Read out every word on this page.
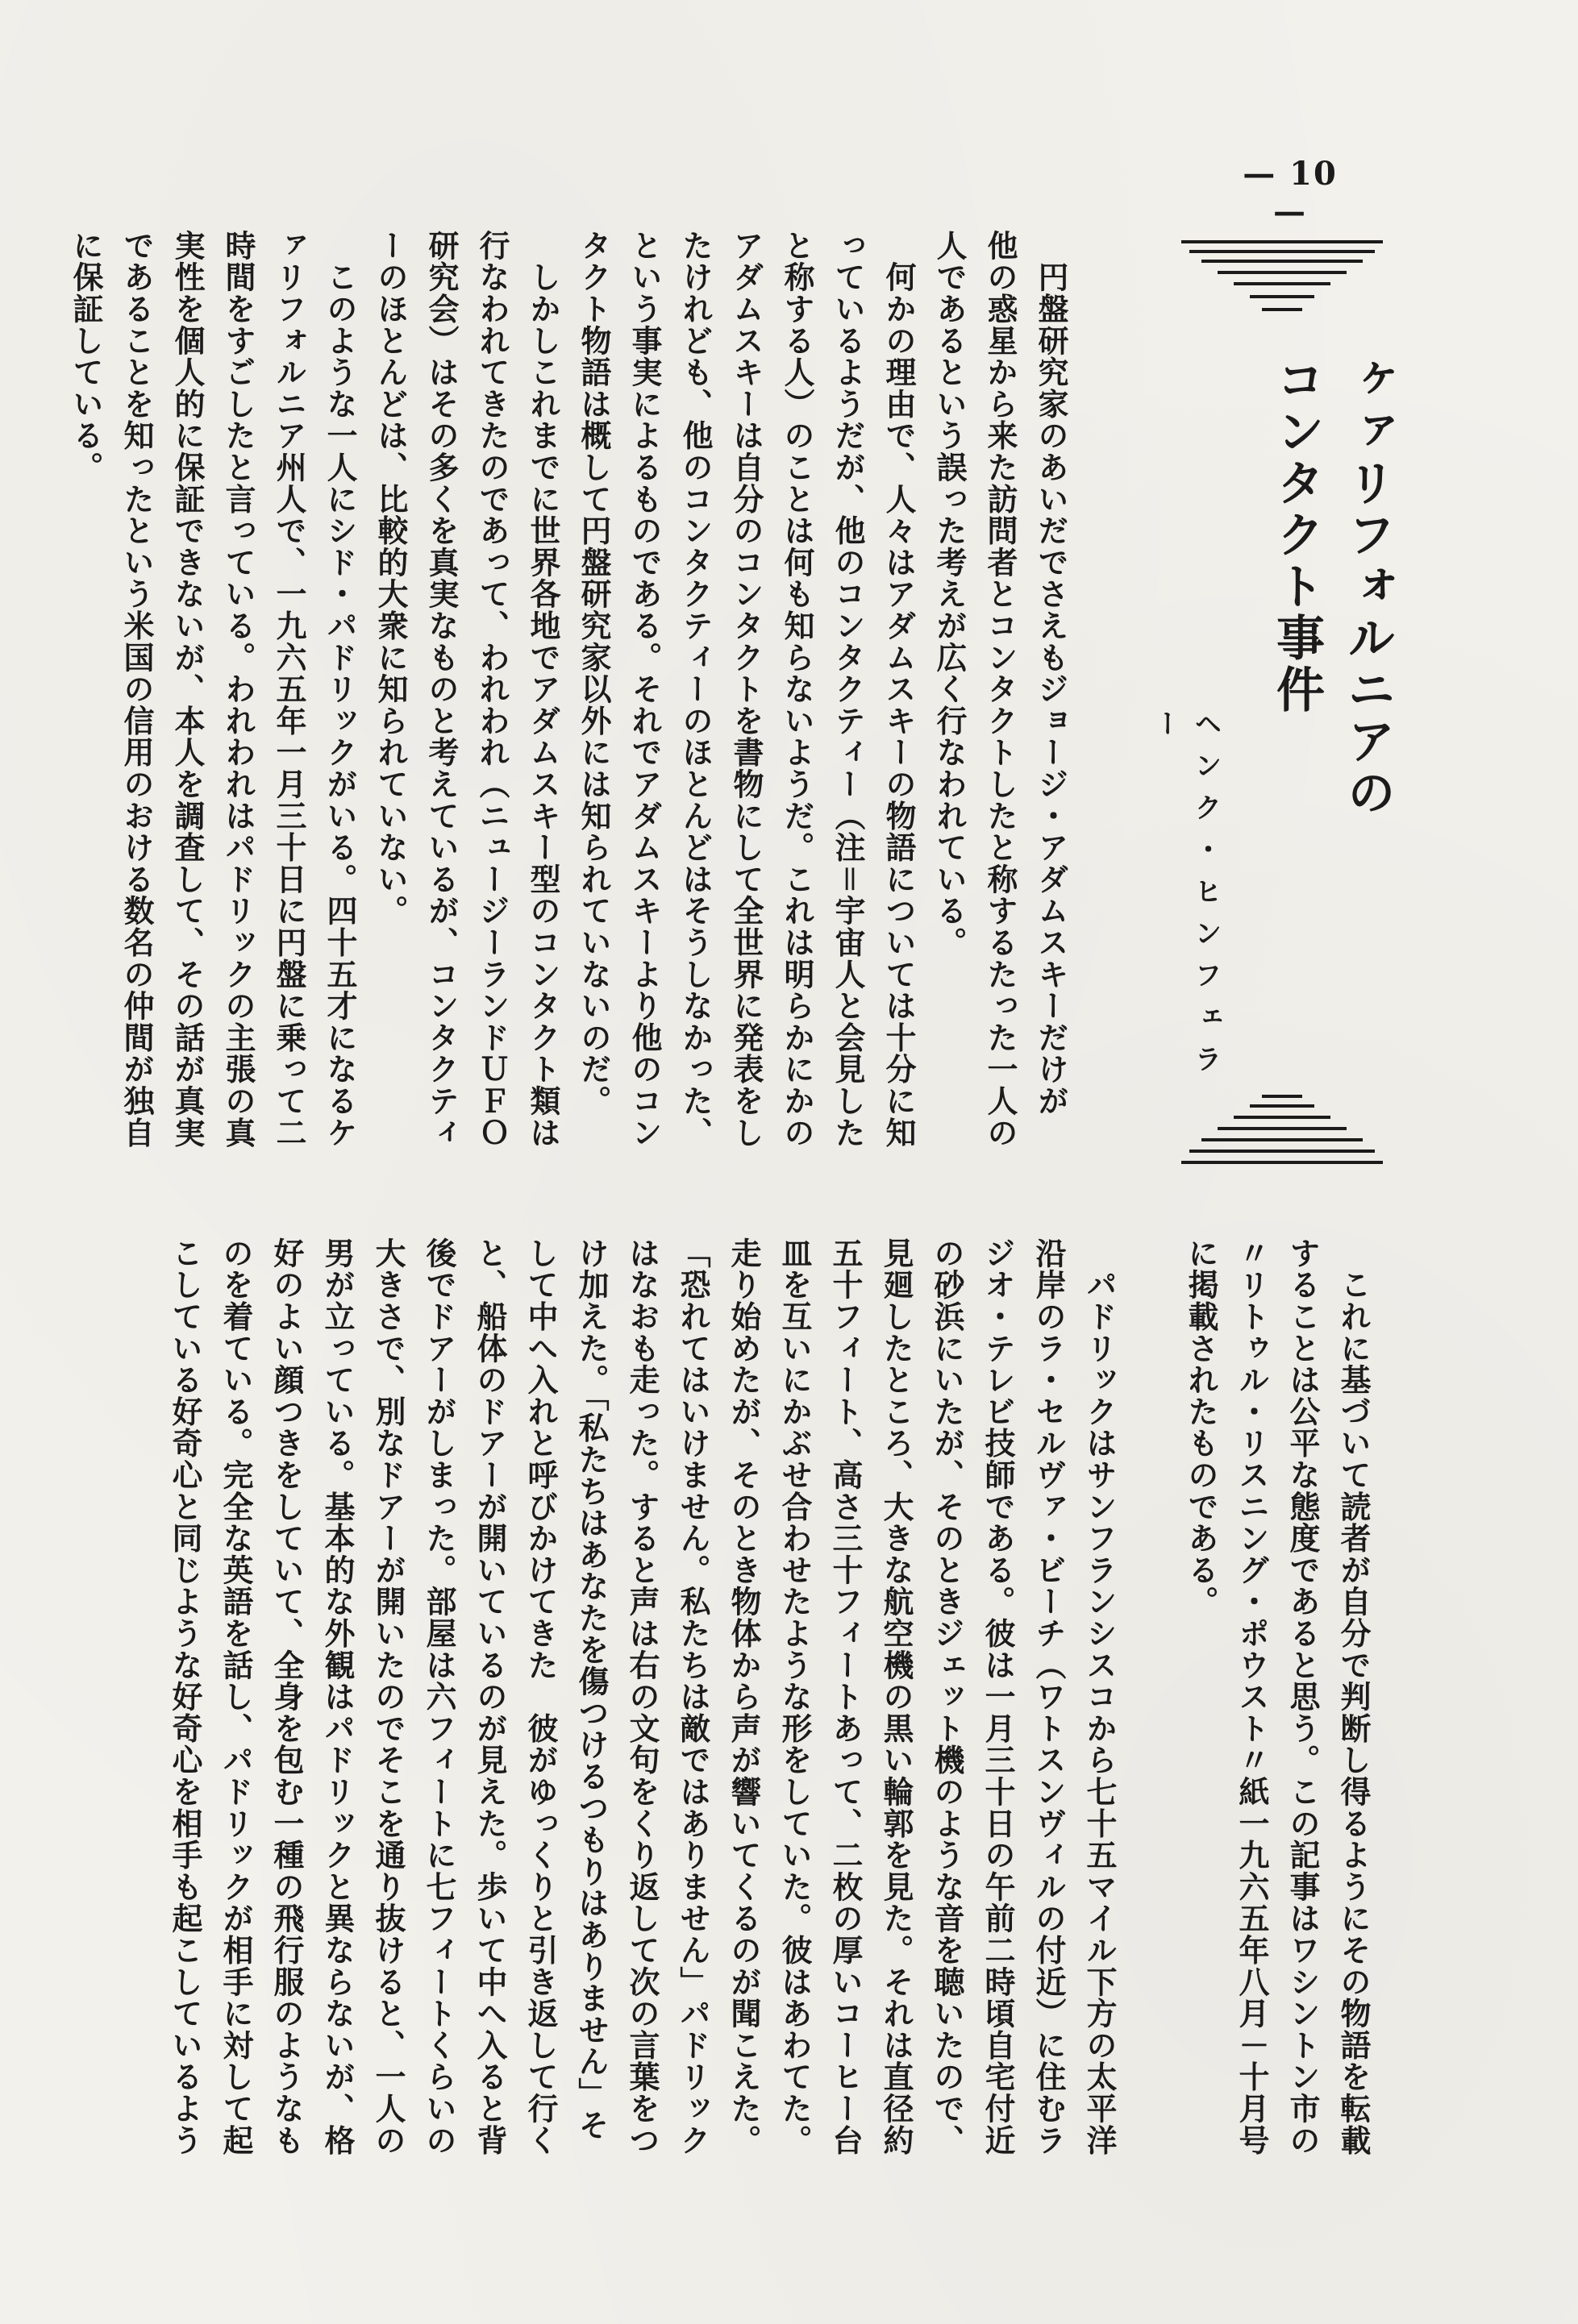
— 10 —
ヶァリフォルニアの
コンタクト事件
ヘンク・ヒンフェラー
　円盤研究家のあいだでさえもジョージ・アダムスキーだけが
他の惑星から来た訪問者とコンタクトしたと称するたった一人の
人であるという誤った考えが広く行なわれている。
　何かの理由で、人々はアダムスキーの物語については十分に知
っているようだが、他のコンタクティー（注＝宇宙人と会見した
と称する人）のことは何も知らないようだ。これは明らかにかの
アダムスキーは自分のコンタクトを書物にして全世界に発表をし
たけれども、他のコンタクティーのほとんどはそうしなかった、
という事実によるものである。それでアダムスキーより他のコン
タクト物語は概して円盤研究家以外には知られていないのだ。
　しかしこれまでに世界各地でアダムスキー型のコンタクト類は
行なわれてきたのであって、われわれ（ニュージーランドＵＦＯ
研究会）はその多くを真実なものと考えているが、コンタクティ
ーのほとんどは、比較的大衆に知られていない。
　このような一人にシド・パドリックがいる。四十五才になるケ
ァリフォルニア州人で、一九六五年一月三十日に円盤に乗って二
時間をすごしたと言っている。われわれはパドリックの主張の真
実性を個人的に保証できないが、本人を調査して、その話が真実
であることを知ったという米国の信用のおける数名の仲間が独自
に保証している。
　これに基づいて読者が自分で判断し得るようにその物語を転載
することは公平な態度であると思う。この記事はワシントン市の
〃リトゥル・リスニング・ポウスト〃紙一九六五年八月－十月号
に掲載されたものである。

　パドリックはサンフランシスコから七十五マイル下方の太平洋
沿岸のラ・セルヴァ・ビーチ（ワトスンヴィルの付近）に住むラ
ジオ・テレビ技師である。彼は一月三十日の午前二時頃自宅付近
の砂浜にいたが、そのときジェット機のような音を聴いたので、
見廻したところ、大きな航空機の黒い輪郭を見た。それは直径約
五十フィート、高さ三十フィートあって、二枚の厚いコーヒー台
皿を互いにかぶせ合わせたような形をしていた。彼はあわてた。
走り始めたが、そのとき物体から声が響いてくるのが聞こえた。
「恐れてはいけません。私たちは敵ではありません」パドリック
はなおも走った。すると声は右の文句をくり返して次の言葉をつ
け加えた。「私たちはあなたを傷つけるつもりはありません」そ
して中へ入れと呼びかけてきた　彼がゆっくりと引き返して行く
と、船体のドアーが開いているのが見えた。歩いて中へ入ると背
後でドアーがしまった。部屋は六フィートに七フィートくらいの
大きさで、別なドアーが開いたのでそこを通り抜けると、一人の
男が立っている。基本的な外観はパドリックと異ならないが、格
好のよい顔つきをしていて、全身を包む一種の飛行服のようなも
のを着ている。完全な英語を話し、パドリックが相手に対して起
こしている好奇心と同じような好奇心を相手も起こしているよう
